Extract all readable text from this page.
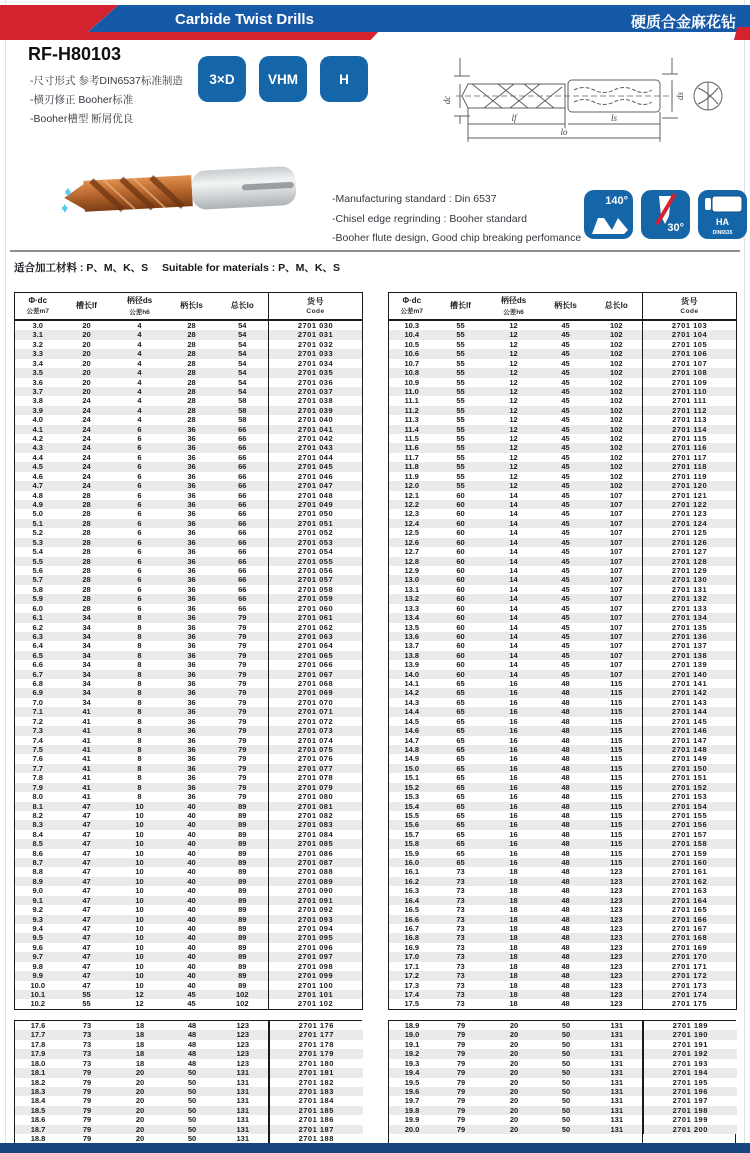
Carbide Twist Drills	硬质合金麻花钻
RF-H80103
-尺寸形式 参考DIN6537标准制造
-横刃修正 Booher标准
-Booher槽型 断屑优良
3×D	VHM	H
dc	ds
lf	ls
lo
-Manufacturing standard : Din 6537
-Chisel edge regrinding : Booher standard
-Booher flute design, Good chip breaking perfomance
140°
30°	HA
DIN6535
适合加工材料 : P、M、K、S Suitable for materials : P、M、K、S
Φ·dc
公差m7

槽长lf

柄径ds
公差h6

柄长ls	总长lo	货号
Code

3.0	20	4	28	54	2701 030
3.1	20	4	28	54	2701 031
3.2	20	4	28	54	2701 032
3.3	20	4	28	54	2701 033
3.4	20	4	28	54	2701 034
3.5	20	4	28	54	2701 035
3.6	20	4	28	54	2701 036
3.7	20	4	28	54	2701 037
3.8	24	4	28	58	2701 038
3.9	24	4	28	58	2701 039
4.0	24	4	28	58	2701 040
4.1	24	6	36	66	2701 041
4.2	24	6	36	66	2701 042
4.3	24	6	36	66	2701 043
4.4	24	6	36	66	2701 044
4.5	24	6	36	66	2701 045
4.6	24	6	36	66	2701 046
4.7	24	6	36	66	2701 047
4.8	28	6	36	66	2701 048
4.9	28	6	36	66	2701 049
5.0	28	6	36	66	2701 050
5.1	28	6	36	66	2701 051
5.2	28	6	36	66	2701 052
5.3	28	6	36	66	2701 053
5.4	28	6	36	66	2701 054
5.5	28	6	36	66	2701 055
5.6	28	6	36	66	2701 056
5.7	28	6	36	66	2701 057
5.8	28	6	36	66	2701 058
5.9	28	6	36	66	2701 059
6.0	28	6	36	66	2701 060
6.1	34	8	36	79	2701 061
6.2	34	8	36	79	2701 062
6.3	34	8	36	79	2701 063
6.4	34	8	36	79	2701 064
6.5	34	8	36	79	2701 065
6.6	34	8	36	79	2701 066
6.7	34	8	36	79	2701 067
6.8	34	8	36	79	2701 068
6.9	34	8	36	79	2701 069
7.0	34	8	36	79	2701 070
7.1	41	8	36	79	2701 071
7.2	41	8	36	79	2701 072
7.3	41	8	36	79	2701 073
7.4	41	8	36	79	2701 074
7.5	41	8	36	79	2701 075
7.6	41	8	36	79	2701 076
7.7	41	8	36	79	2701 077
7.8	41	8	36	79	2701 078
7.9	41	8	36	79	2701 079
8.0	41	8	36	79	2701 080
8.1	47	10	40	89	2701 081
8.2	47	10	40	89	2701 082
8.3	47	10	40	89	2701 083
8.4	47	10	40	89	2701 084
8.5	47	10	40	89	2701 085
8.6	47	10	40	89	2701 086
8.7	47	10	40	89	2701 087
8.8	47	10	40	89	2701 088
8.9	47	10	40	89	2701 089
9.0	47	10	40	89	2701 090
9.1	47	10	40	89	2701 091
9.2	47	10	40	89	2701 092
9.3	47	10	40	89	2701 093
9.4	47	10	40	89	2701 094
9.5	47	10	40	89	2701 095
9.6	47	10	40	89	2701 096
9.7	47	10	40	89	2701 097
9.8	47	10	40	89	2701 098
9.9	47	10	40	89	2701 099
10.0	47	10	40	89	2701 100
10.1	55	12	45	102	2701 101
10.2	55	12	45	102	2701 102
Φ·dc
公差m7

槽长lf

柄径ds
公差h6

柄长ls	总长lo	货号
Code

10.3	55	12	45	102	2701 103
10.4	55	12	45	102	2701 104
10.5	55	12	45	102	2701 105
10.6	55	12	45	102	2701 106
10.7	55	12	45	102	2701 107
10.8	55	12	45	102	2701 108
10.9	55	12	45	102	2701 109
11.0	55	12	45	102	2701 110
11.1	55	12	45	102	2701 111
11.2	55	12	45	102	2701 112
11.3	55	12	45	102	2701 113
11.4	55	12	45	102	2701 114
11.5	55	12	45	102	2701 115
11.6	55	12	45	102	2701 116
11.7	55	12	45	102	2701 117
11.8	55	12	45	102	2701 118
11.9	55	12	45	102	2701 119
12.0	55	12	45	102	2701 120
12.1	60	14	45	107	2701 121
12.2	60	14	45	107	2701 122
12.3	60	14	45	107	2701 123
12.4	60	14	45	107	2701 124
12.5	60	14	45	107	2701 125
12.6	60	14	45	107	2701 126
12.7	60	14	45	107	2701 127
12.8	60	14	45	107	2701 128
12.9	60	14	45	107	2701 129
13.0	60	14	45	107	2701 130
13.1	60	14	45	107	2701 131
13.2	60	14	45	107	2701 132
13.3	60	14	45	107	2701 133
13.4	60	14	45	107	2701 134
13.5	60	14	45	107	2701 135
13.6	60	14	45	107	2701 136
13.7	60	14	45	107	2701 137
13.8	60	14	45	107	2701 138
13.9	60	14	45	107	2701 139
14.0	60	14	45	107	2701 140
14.1	65	16	48	115	2701 141
14.2	65	16	48	115	2701 142
14.3	65	16	48	115	2701 143
14.4	65	16	48	115	2701 144
14.5	65	16	48	115	2701 145
14.6	65	16	48	115	2701 146
14.7	65	16	48	115	2701 147
14.8	65	16	48	115	2701 148
14.9	65	16	48	115	2701 149
15.0	65	16	48	115	2701 150
15.1	65	16	48	115	2701 151
15.2	65	16	48	115	2701 152
15.3	65	16	48	115	2701 153
15.4	65	16	48	115	2701 154
15.5	65	16	48	115	2701 155
15.6	65	16	48	115	2701 156
15.7	65	16	48	115	2701 157
15.8	65	16	48	115	2701 158
15.9	65	16	48	115	2701 159
16.0	65	16	48	115	2701 160
16.1	73	18	48	123	2701 161
16.2	73	18	48	123	2701 162
16.3	73	18	48	123	2701 163
16.4	73	18	48	123	2701 164
16.5	73	18	48	123	2701 165
16.6	73	18	48	123	2701 166
16.7	73	18	48	123	2701 167
16.8	73	18	48	123	2701 168
16.9	73	18	48	123	2701 169
17.0	73	18	48	123	2701 170
17.1	73	18	48	123	2701 171
17.2	73	18	48	123	2701 172
17.3	73	18	48	123	2701 173
17.4	73	18	48	123	2701 174
17.5	73	18	48	123	2701 175
17.6	73	18	48	123	2701 176
17.7	73	18	48	123	2701 177
17.8	73	18	48	123	2701 178
17.9	73	18	48	123	2701 179
18.0	73	18	48	123	2701 180
18.1	79	20	50	131	2701 181
18.2	79	20	50	131	2701 182
18.3	79	20	50	131	2701 183
18.4	79	20	50	131	2701 184
18.5	79	20	50	131	2701 185
18.6	79	20	50	131	2701 186
18.7	79	20	50	131	2701 187
18.8	79	20	50	131	2701 188
18.9	79	20	50	131	2701 189
19.0	79	20	50	131	2701 190
19.1	79	20	50	131	2701 191
19.2	79	20	50	131	2701 192
19.3	79	20	50	131	2701 193
19.4	79	20	50	131	2701 194
19.5	79	20	50	131	2701 195
19.6	79	20	50	131	2701 196
19.7	79	20	50	131	2701 197
19.8	79	20	50	131	2701 198
19.9	79	20	50	131	2701 199
20.0	79	20	50	131	2701 200
